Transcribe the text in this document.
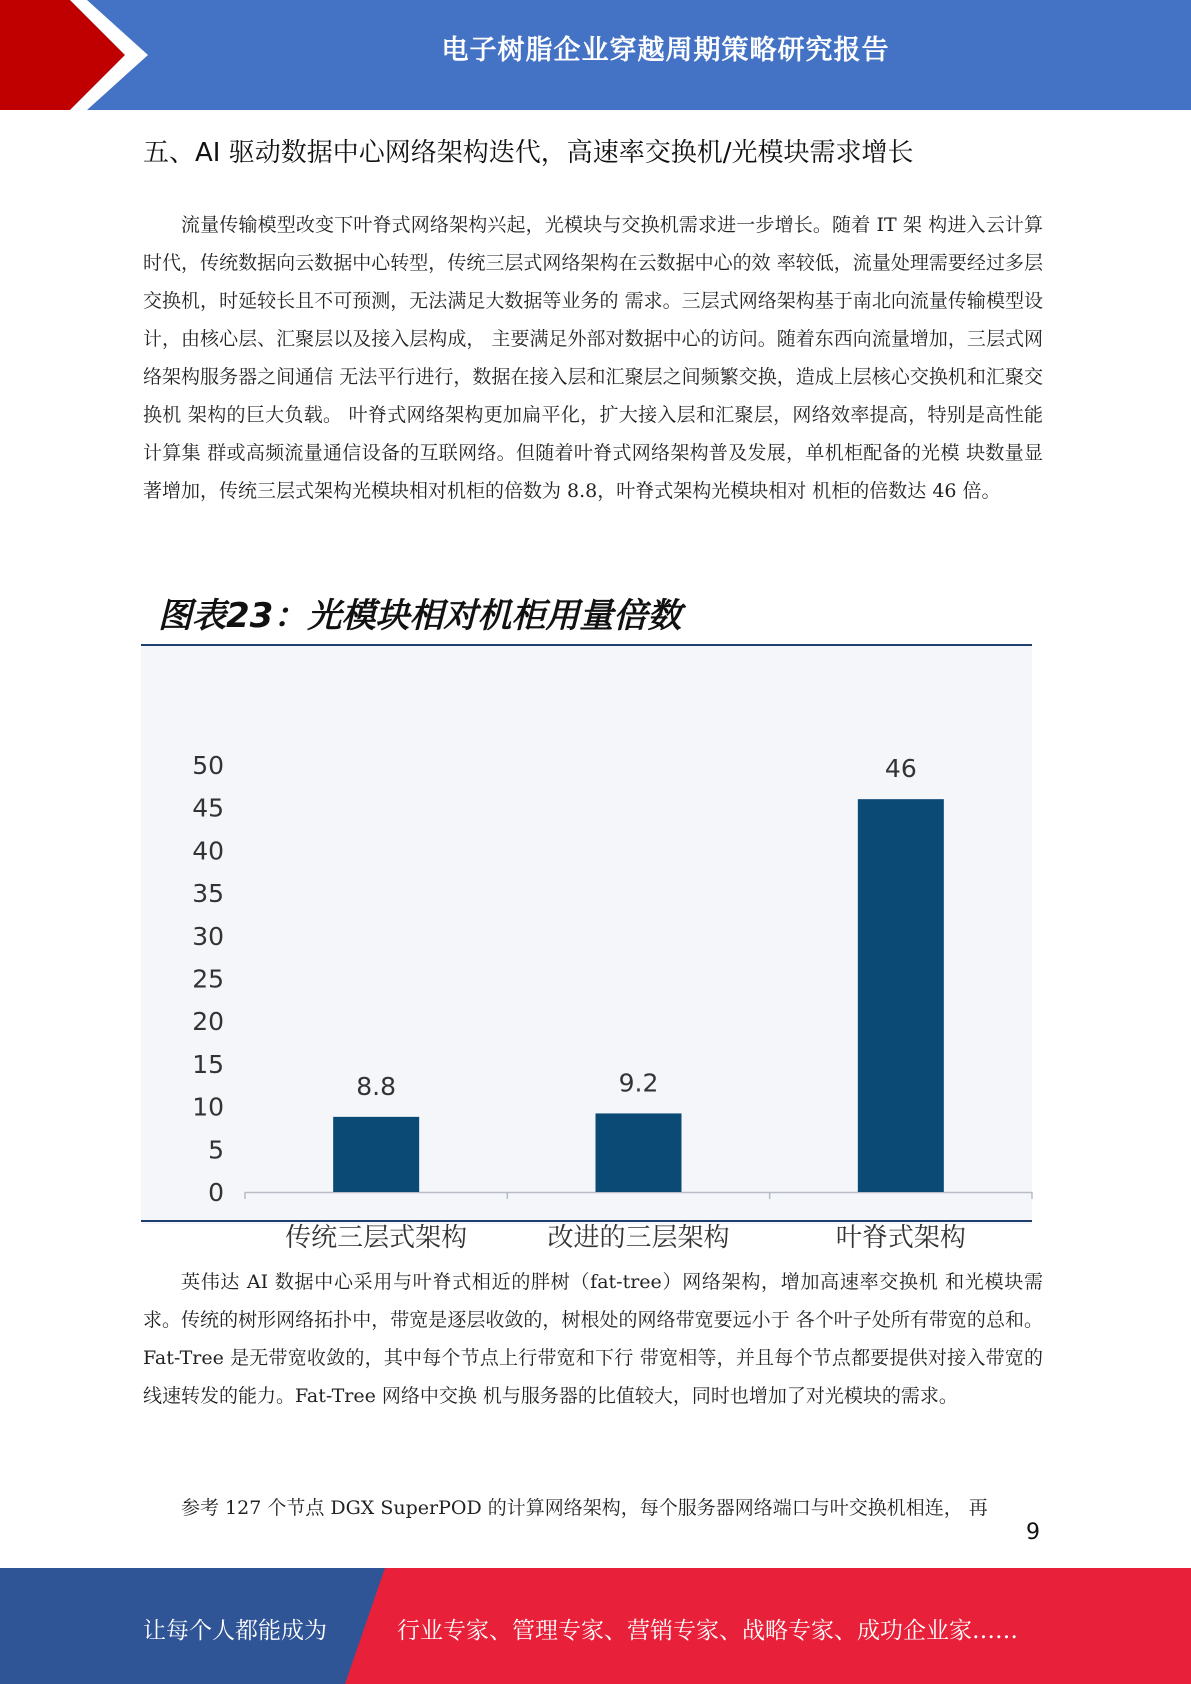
电子树脂企业穿越周期策略研究报告
五、AI 驱动数据中心网络架构迭代，高速率交换机/光模块需求增长
流量传输模型改变下叶脊式网络架构兴起，光模块与交换机需求进一步增长。随着 IT 架 构进入云计算时代，传统数据向云数据中心转型，传统三层式网络架构在云数据中心的效 率较低，流量处理需要经过多层交换机，时延较长且不可预测，无法满足大数据等业务的 需求。三层式网络架构基于南北向流量传输模型设计，由核心层、汇聚层以及接入层构成， 主要满足外部对数据中心的访问。随着东西向流量增加，三层式网络架构服务器之间通信 无法平行进行，数据在接入层和汇聚层之间频繁交换，造成上层核心交换机和汇聚交换机 架构的巨大负载。 叶脊式网络架构更加扁平化，扩大接入层和汇聚层，网络效率提高，特别是高性能计算集 群或高频流量通信设备的互联网络。但随着叶脊式网络架构普及发展，单机柜配备的光模 块数量显著增加，传统三层式架构光模块相对机柜的倍数为 8.8，叶脊式架构光模块相对 机柜的倍数达 46 倍。
图表23：光模块相对机柜用量倍数
0
5
10
15
20
25
30
35
40
45
50
8.8
传统三层式架构
9.2
改进的三层架构
46
叶脊式架构
英伟达 AI 数据中心采用与叶脊式相近的胖树（fat-tree）网络架构，增加高速率交换机 和光模块需求。传统的树形网络拓扑中，带宽是逐层收敛的，树根处的网络带宽要远小于 各个叶子处所有带宽的总和。Fat-Tree 是无带宽收敛的，其中每个节点上行带宽和下行 带宽相等，并且每个节点都要提供对接入带宽的线速转发的能力。Fat-Tree 网络中交换 机与服务器的比值较大，同时也增加了对光模块的需求。
参考 127 个节点 DGX SuperPOD 的计算网络架构，每个服务器网络端口与叶交换机相连， 再
9
让每个人都能成为	行业专家、管理专家、营销专家、战略专家、成功企业家……
